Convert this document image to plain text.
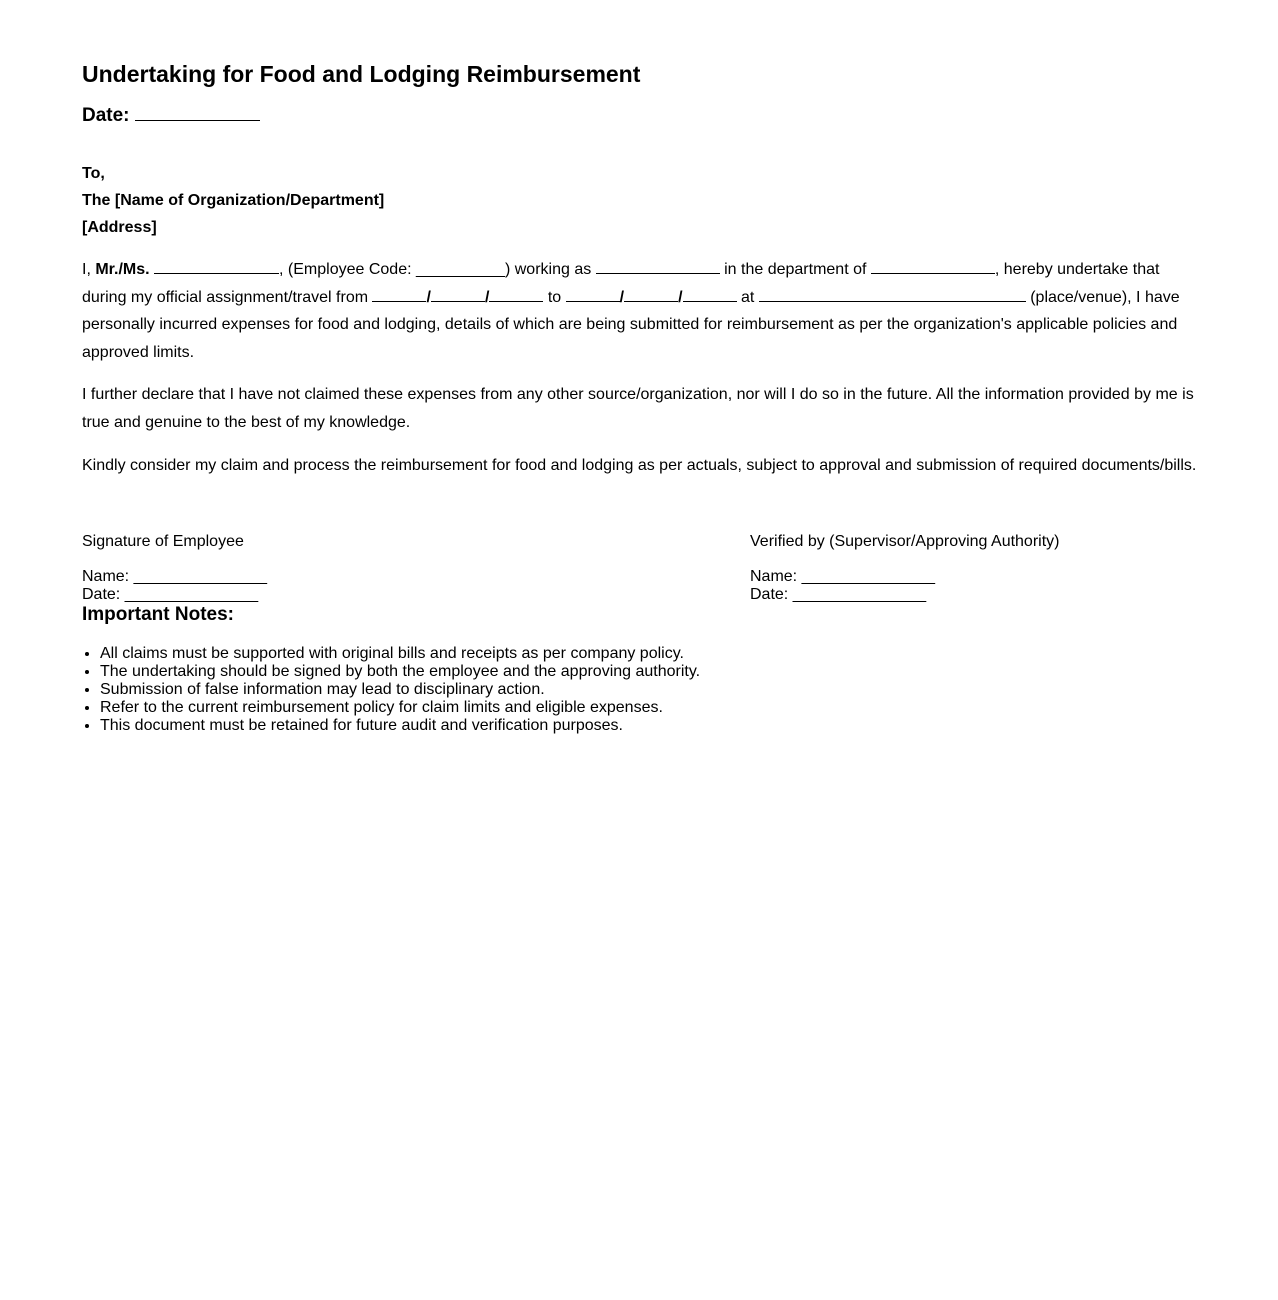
Undertaking for Food and Lodging Reimbursement
Date:
To,
The [Name of Organization/Department]
[Address]

I, Mr./Ms.	, (Employee Code: __________) working as	in the department of	, hereby undertake that during my official assignment/travel from	/	/	to	/	/	at	(place/venue), I have personally incurred expenses for food and lodging, details of which are being submitted for reimbursement as per the organization's applicable policies and approved limits.

I further declare that I have not claimed these expenses from any other source/organization, nor will I do so in the future. All the information provided by me is true and genuine to the best of my knowledge.

Kindly consider my claim and process the reimbursement for food and lodging as per actuals, subject to approval and submission of required documents/bills.

Signature of Employee
Name: _______________
Date: _______________
Verified by (Supervisor/Approving Authority)
Name: _______________
Date: _______________
Important Notes:
• All claims must be supported with original bills and receipts as per company policy.
• The undertaking should be signed by both the employee and the approving authority.
• Submission of false information may lead to disciplinary action.
• Refer to the current reimbursement policy for claim limits and eligible expenses.
• This document must be retained for future audit and verification purposes.
